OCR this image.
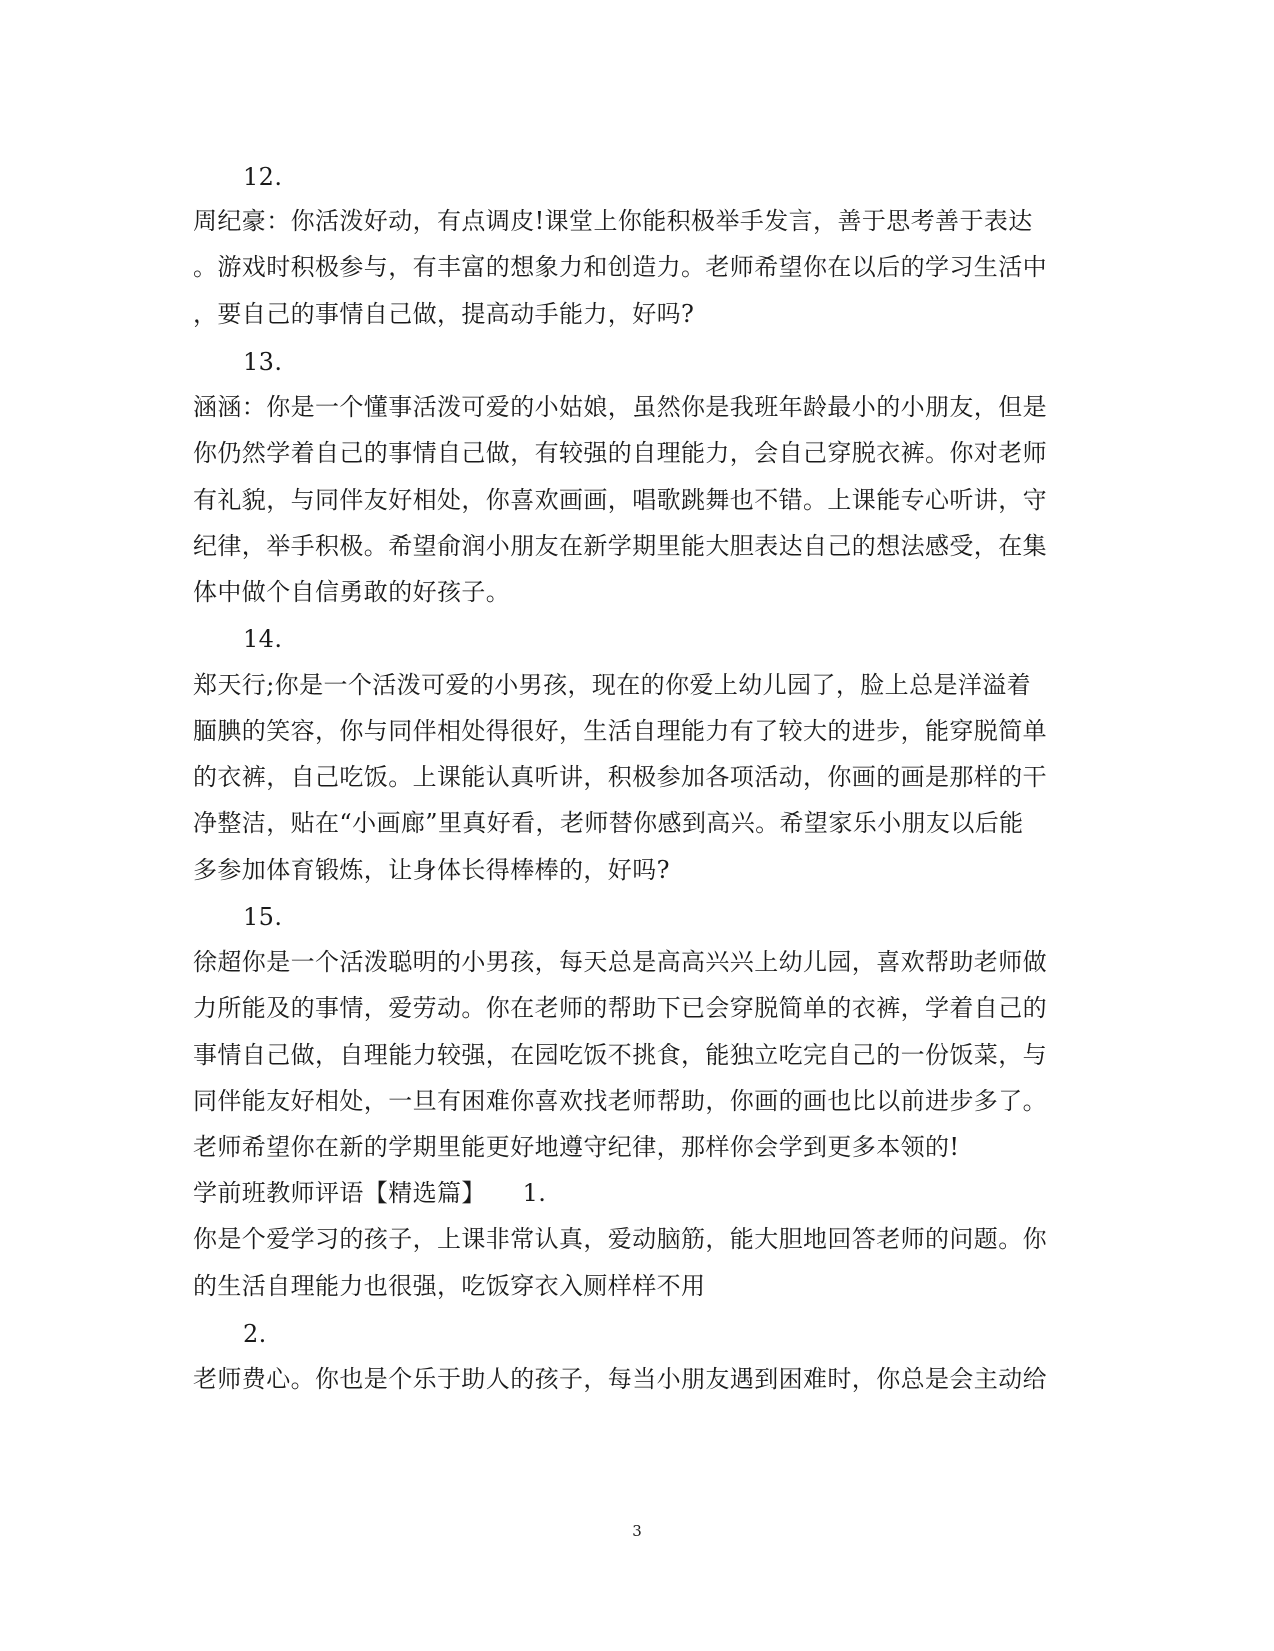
12.
周纪豪：你活泼好动，有点调皮!课堂上你能积极举手发言，善于思考善于表达
。游戏时积极参与，有丰富的想象力和创造力。老师希望你在以后的学习生活中
，要自己的事情自己做，提高动手能力，好吗?
13.
涵涵：你是一个懂事活泼可爱的小姑娘，虽然你是我班年龄最小的小朋友，但是
你仍然学着自己的事情自己做，有较强的自理能力，会自己穿脱衣裤。你对老师
有礼貌，与同伴友好相处，你喜欢画画，唱歌跳舞也不错。上课能专心听讲，守
纪律，举手积极。希望俞润小朋友在新学期里能大胆表达自己的想法感受，在集
体中做个自信勇敢的好孩子。
14.
郑天行;你是一个活泼可爱的小男孩，现在的你爱上幼儿园了，脸上总是洋溢着
腼腆的笑容，你与同伴相处得很好，生活自理能力有了较大的进步，能穿脱简单
的衣裤，自己吃饭。上课能认真听讲，积极参加各项活动，你画的画是那样的干
净整洁，贴在“小画廊”里真好看，老师替你感到高兴。希望家乐小朋友以后能
多参加体育锻炼，让身体长得棒棒的，好吗?
15.
徐超你是一个活泼聪明的小男孩，每天总是高高兴兴上幼儿园，喜欢帮助老师做
力所能及的事情，爱劳动。你在老师的帮助下已会穿脱简单的衣裤，学着自己的
事情自己做，自理能力较强，在园吃饭不挑食，能独立吃完自己的一份饭菜，与
同伴能友好相处，一旦有困难你喜欢找老师帮助，你画的画也比以前进步多了。
老师希望你在新的学期里能更好地遵守纪律，那样你会学到更多本领的!
学前班教师评语【精选篇】　　1.
你是个爱学习的孩子，上课非常认真，爱动脑筋，能大胆地回答老师的问题。你
的生活自理能力也很强，吃饭穿衣入厕样样不用
2.
老师费心。你也是个乐于助人的孩子，每当小朋友遇到困难时，你总是会主动给
3
